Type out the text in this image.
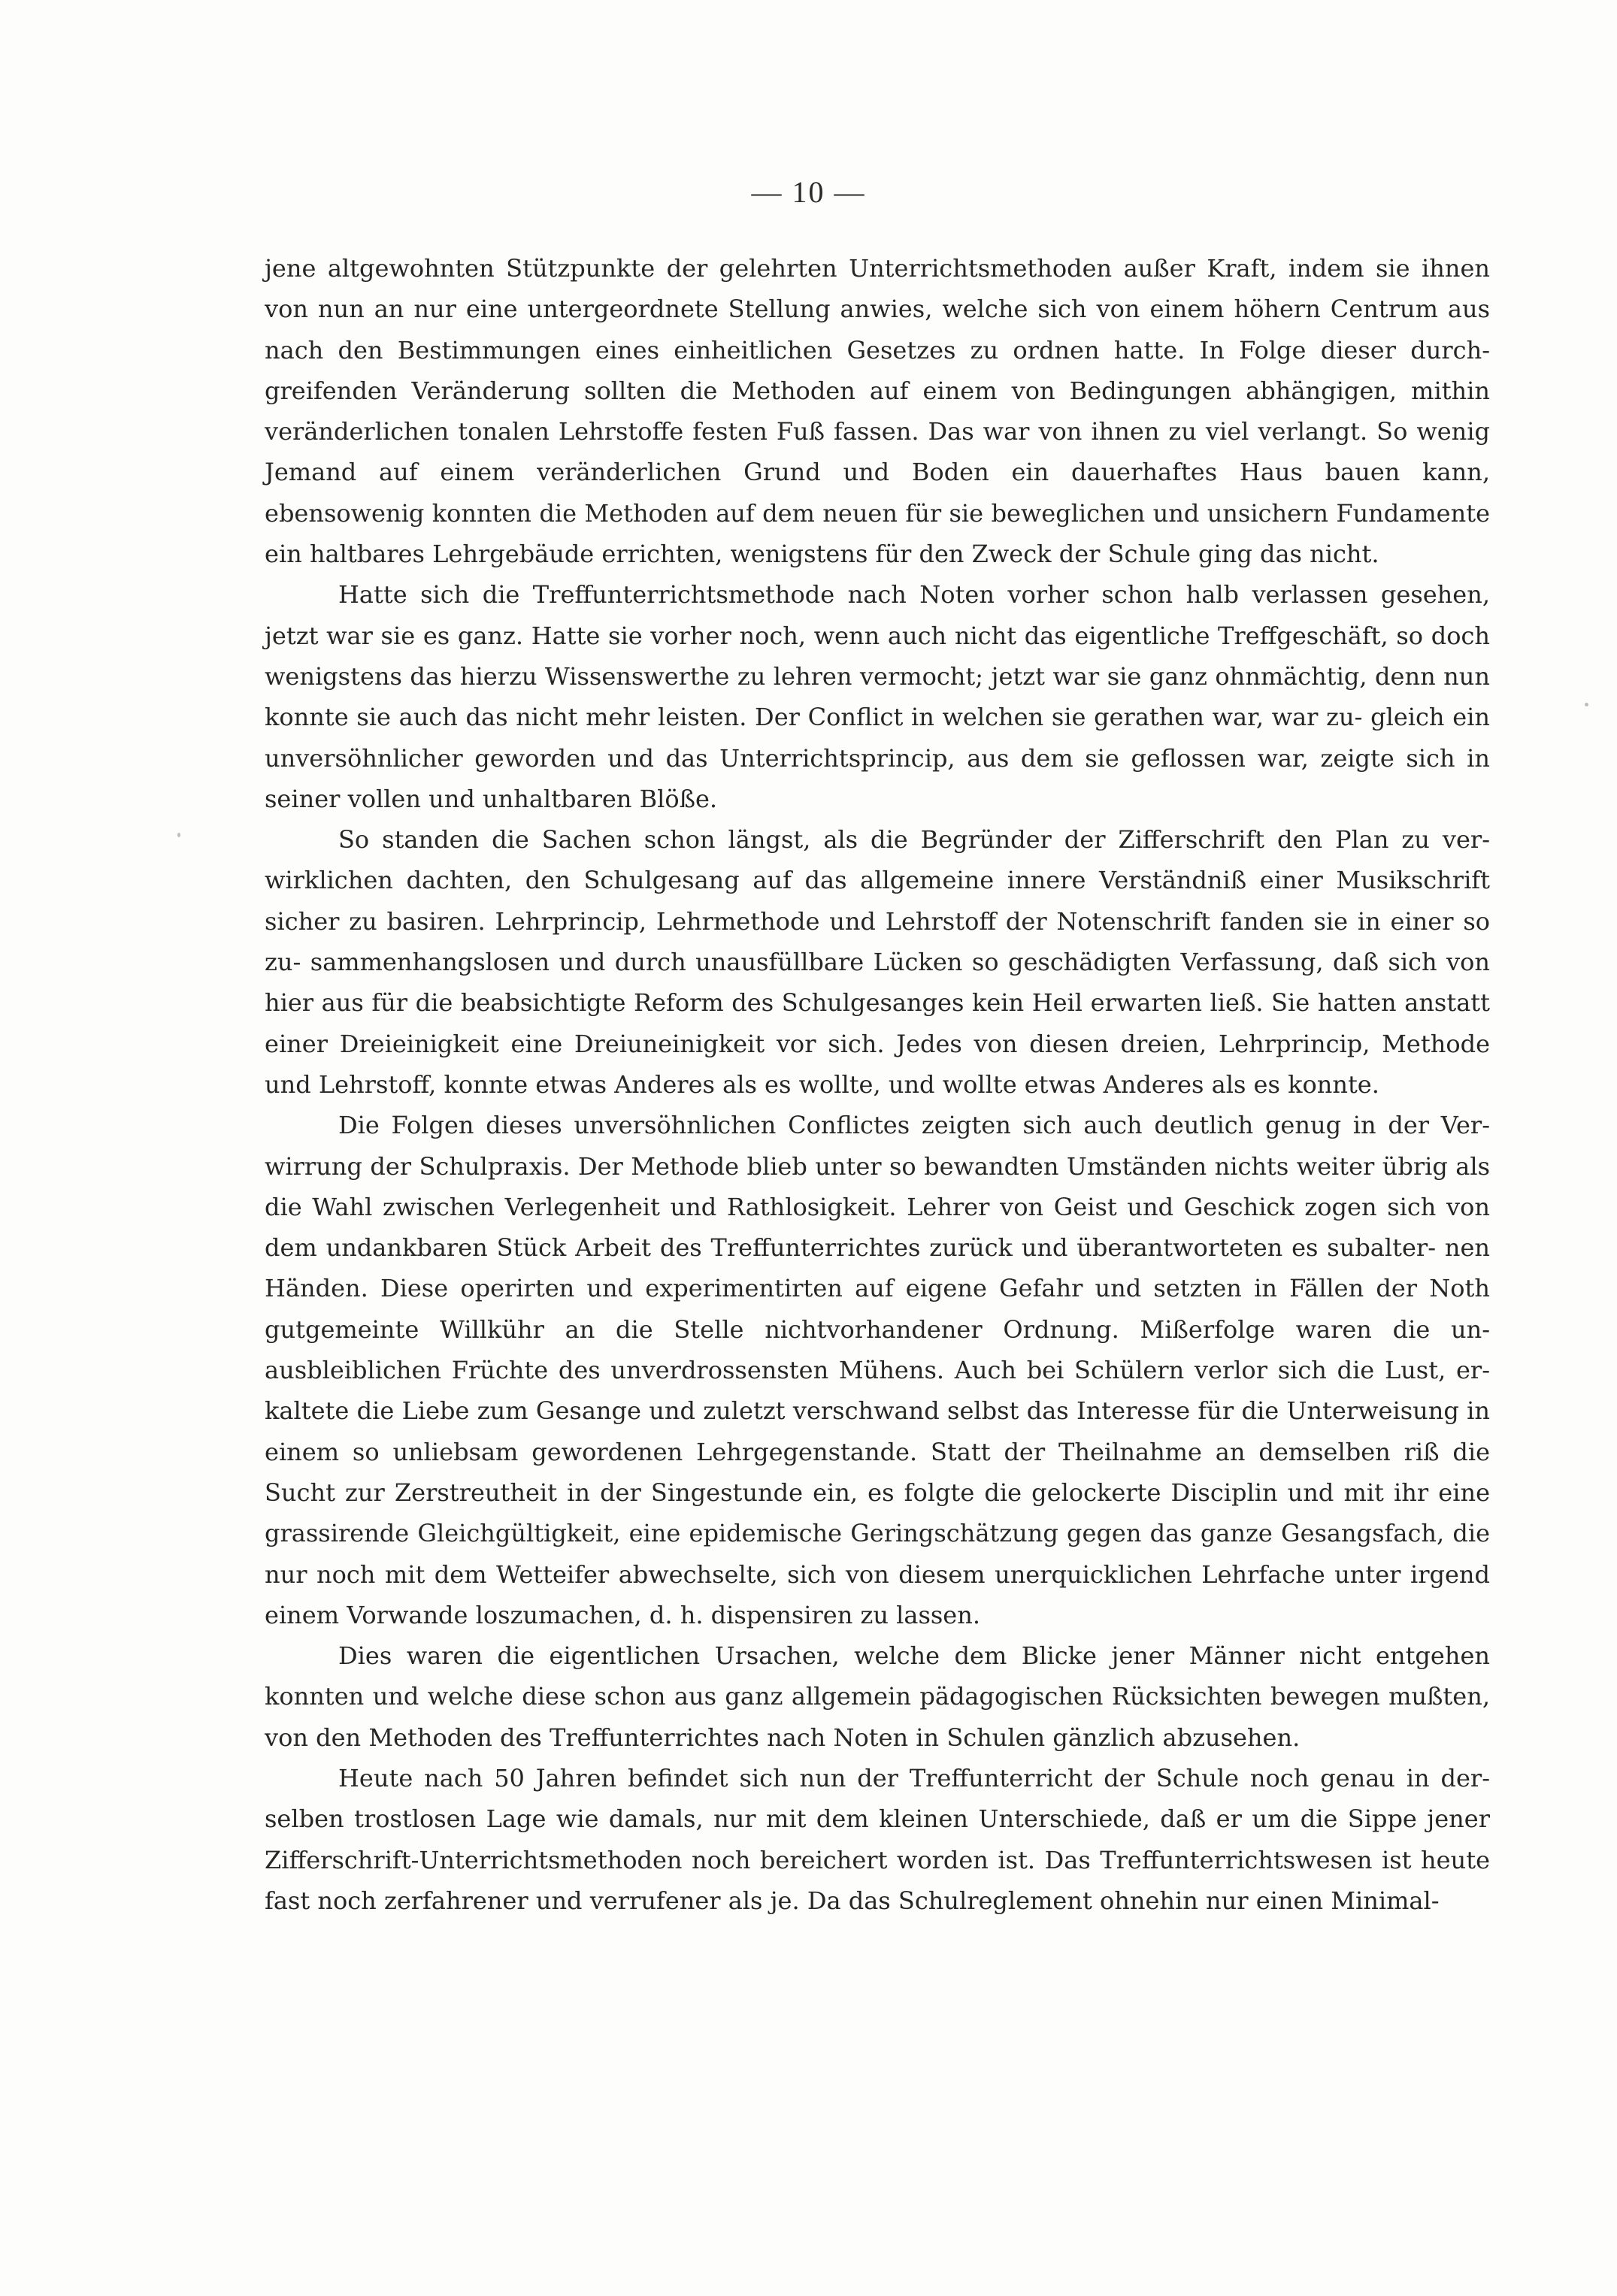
— 10 —

jene altgewohnten Stützpunkte der gelehrten Unterrichtsmethoden außer Kraft, indem sie ihnen von nun an nur eine untergeordnete Stellung anwies, welche sich von einem höhern Centrum aus nach den Bestimmungen eines einheitlichen Gesetzes zu ordnen hatte. In Folge dieser durch- greifenden Veränderung sollten die Methoden auf einem von Bedingungen abhängigen, mithin veränderlichen tonalen Lehrstoffe festen Fuß fassen. Das war von ihnen zu viel verlangt. So wenig Jemand auf einem veränderlichen Grund und Boden ein dauerhaftes Haus bauen kann, ebensowenig konnten die Methoden auf dem neuen für sie beweglichen und unsichern Fundamente ein haltbares Lehrgebäude errichten, wenigstens für den Zweck der Schule ging das nicht.

Hatte sich die Treffunterrichtsmethode nach Noten vorher schon halb verlassen gesehen, jetzt war sie es ganz. Hatte sie vorher noch, wenn auch nicht das eigentliche Treffgeschäft, so doch wenigstens das hierzu Wissenswerthe zu lehren vermocht; jetzt war sie ganz ohnmächtig, denn nun konnte sie auch das nicht mehr leisten. Der Conflict in welchen sie gerathen war, war zu- gleich ein unversöhnlicher geworden und das Unterrichtsprincip, aus dem sie geflossen war, zeigte sich in seiner vollen und unhaltbaren Blöße.

So standen die Sachen schon längst, als die Begründer der Zifferschrift den Plan zu ver- wirklichen dachten, den Schulgesang auf das allgemeine innere Verständniß einer Musikschrift sicher zu basiren. Lehrprincip, Lehrmethode und Lehrstoff der Notenschrift fanden sie in einer so zu- sammenhangslosen und durch unausfüllbare Lücken so geschädigten Verfassung, daß sich von hier aus für die beabsichtigte Reform des Schulgesanges kein Heil erwarten ließ. Sie hatten anstatt einer Dreieinigkeit eine Dreiuneinigkeit vor sich. Jedes von diesen dreien, Lehrprincip, Methode und Lehrstoff, konnte etwas Anderes als es wollte, und wollte etwas Anderes als es konnte.

Die Folgen dieses unversöhnlichen Conflictes zeigten sich auch deutlich genug in der Ver- wirrung der Schulpraxis. Der Methode blieb unter so bewandten Umständen nichts weiter übrig als die Wahl zwischen Verlegenheit und Rathlosigkeit. Lehrer von Geist und Geschick zogen sich von dem undankbaren Stück Arbeit des Treffunterrichtes zurück und überantworteten es subalter- nen Händen. Diese operirten und experimentirten auf eigene Gefahr und setzten in Fällen der Noth gutgemeinte Willkühr an die Stelle nichtvorhandener Ordnung. Mißerfolge waren die un- ausbleiblichen Früchte des unverdrossensten Mühens. Auch bei Schülern verlor sich die Lust, er- kaltete die Liebe zum Gesange und zuletzt verschwand selbst das Interesse für die Unterweisung in einem so unliebsam gewordenen Lehrgegenstande. Statt der Theilnahme an demselben riß die Sucht zur Zerstreutheit in der Singestunde ein, es folgte die gelockerte Disciplin und mit ihr eine grassirende Gleichgültigkeit, eine epidemische Geringschätzung gegen das ganze Gesangsfach, die nur noch mit dem Wetteifer abwechselte, sich von diesem unerquicklichen Lehrfache unter irgend einem Vorwande loszumachen, d. h. dispensiren zu lassen.

Dies waren die eigentlichen Ursachen, welche dem Blicke jener Männer nicht entgehen konnten und welche diese schon aus ganz allgemein pädagogischen Rücksichten bewegen mußten, von den Methoden des Treffunterrichtes nach Noten in Schulen gänzlich abzusehen.

Heute nach 50 Jahren befindet sich nun der Treffunterricht der Schule noch genau in der- selben trostlosen Lage wie damals, nur mit dem kleinen Unterschiede, daß er um die Sippe jener Zifferschrift-Unterrichtsmethoden noch bereichert worden ist. Das Treffunterrichtswesen ist heute fast noch zerfahrener und verrufener als je. Da das Schulreglement ohnehin nur einen Minimal-
